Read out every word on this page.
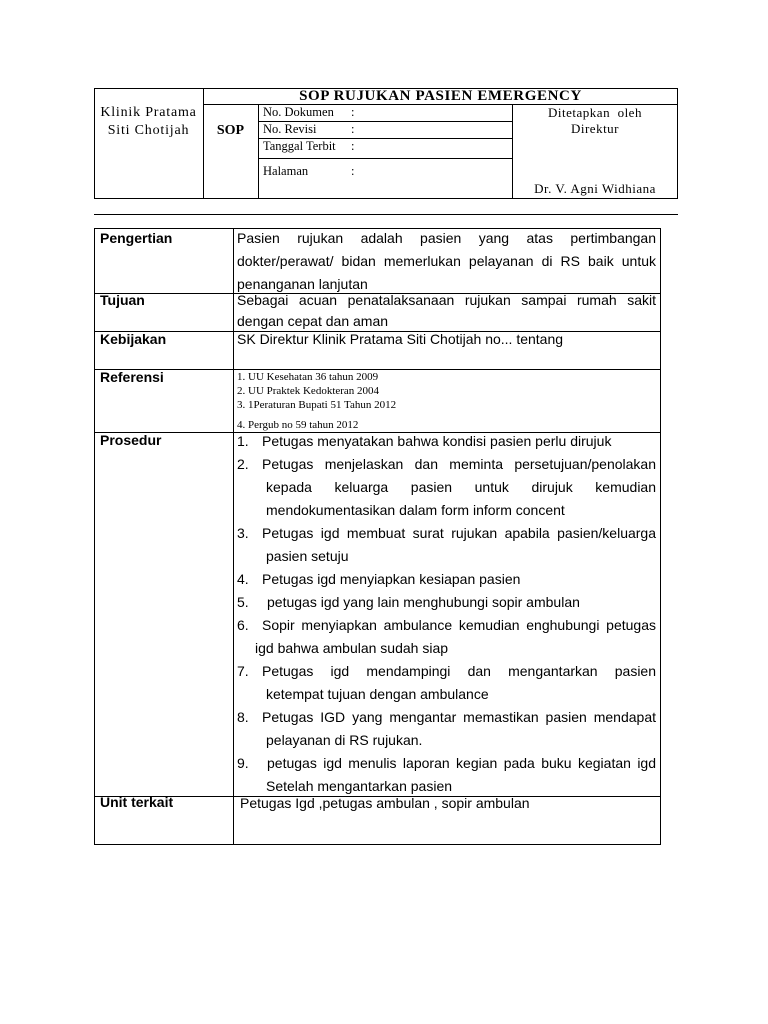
Klinik Pratama
Siti Chotijah
SOP RUJUKAN PASIEN EMERGENCY
SOP
No. Dokumen :
No. Revisi	:
Tanggal Terbit :
Halaman	:
Ditetapkan  oleh
Direktur
Dr. V. Agni Widhiana
Pengertian	Pasien rujukan adalah pasien yang atas pertimbangan
dokter/perawat/ bidan memerlukan pelayanan di RS baik untuk
penanganan lanjutan
Tujuan	Sebagai acuan penatalaksanaan rujukan sampai rumah sakit
dengan cepat dan aman
Kebijakan	SK Direktur Klinik Pratama Siti Chotijah no... tentang
Referensi	1. UU Kesehatan 36 tahun 2009
2. UU Praktek Kedokteran 2004
3. 1Peraturan Bupati 51 Tahun 2012
4. Pergub no 59 tahun 2012
Prosedur	1. Petugas menyatakan bahwa kondisi pasien perlu dirujuk
2. Petugas menjelaskan dan meminta persetujuan/penolakan
kepada keluarga pasien untuk dirujuk kemudian
mendokumentasikan dalam form inform concent
3. Petugas igd membuat surat rujukan apabila pasien/keluarga
pasien setuju
4. Petugas igd menyiapkan kesiapan pasien
5.	petugas igd yang lain menghubungi sopir ambulan
6. Sopir menyiapkan ambulance kemudian enghubungi petugas
igd bahwa ambulan sudah siap
7. Petugas igd mendampingi dan mengantarkan pasien
ketempat tujuan dengan ambulance
8. Petugas IGD yang mengantar memastikan pasien mendapat
pelayanan di RS rujukan.
9.	petugas igd menulis laporan kegian pada buku kegiatan igd
Setelah mengantarkan pasien
Unit terkait	Petugas Igd ,petugas ambulan , sopir ambulan
